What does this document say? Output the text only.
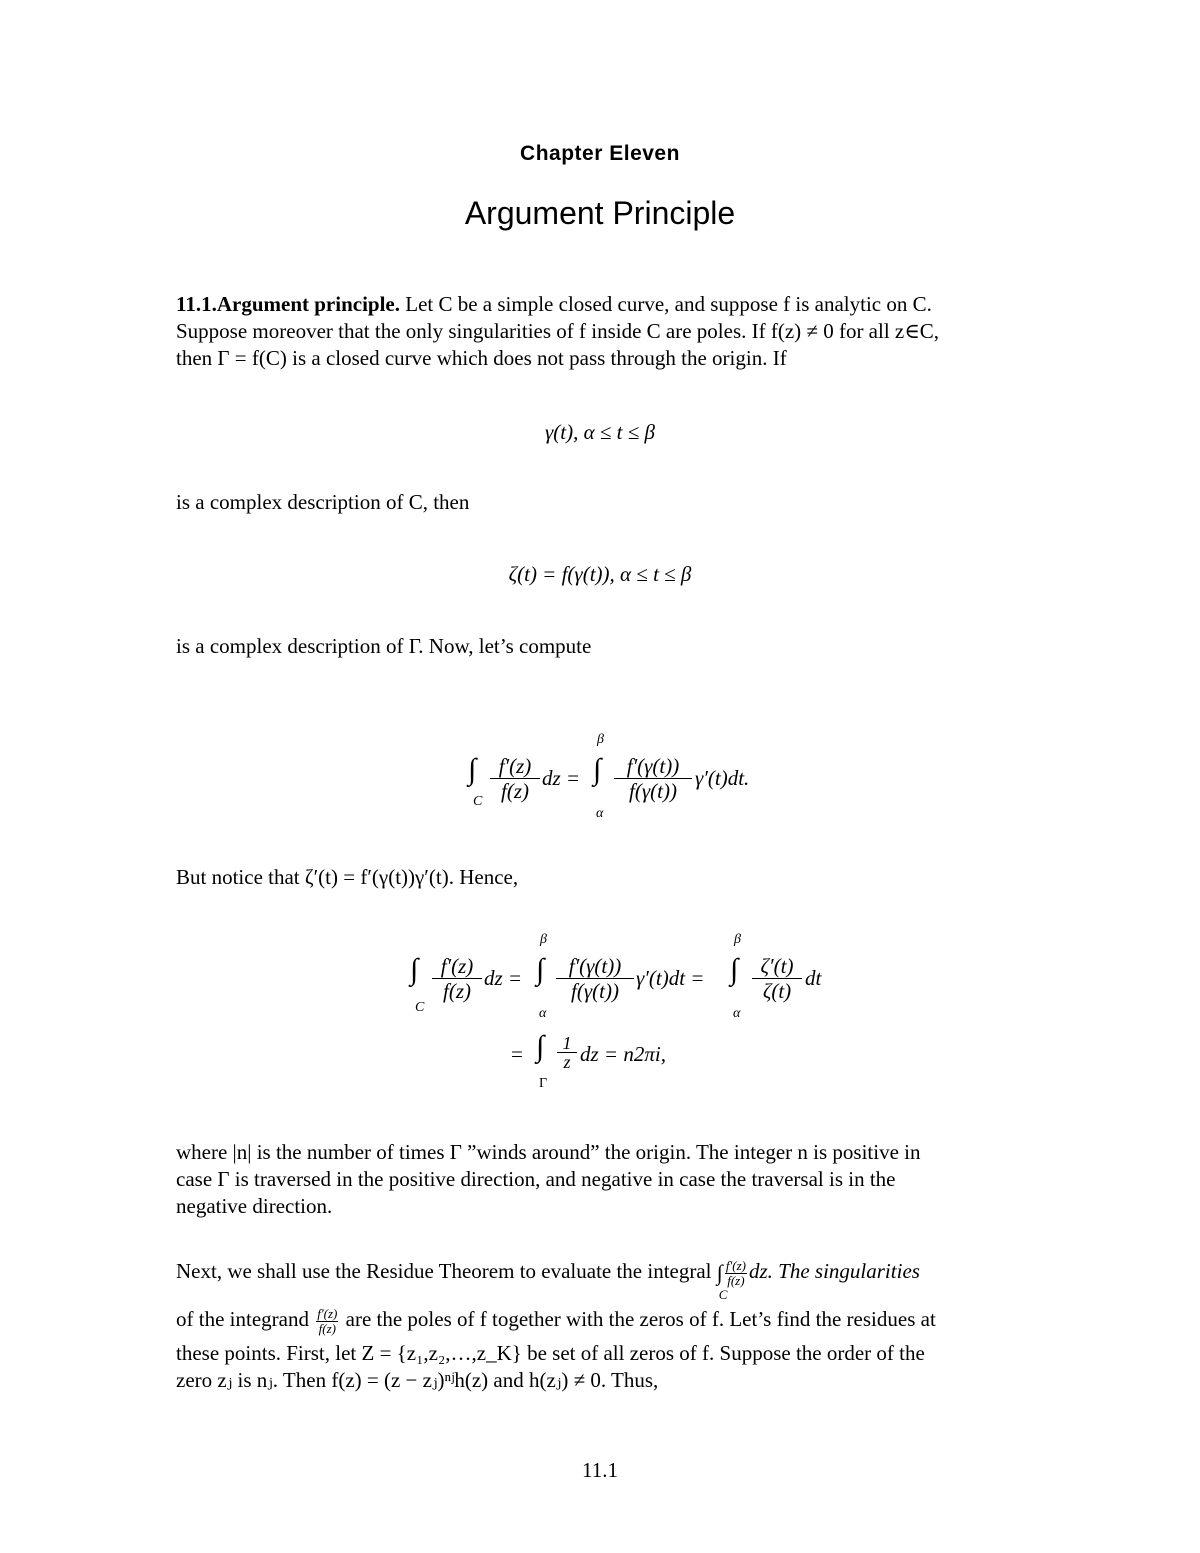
Chapter Eleven
Argument Principle
11.1.Argument principle. Let C be a simple closed curve, and suppose f is analytic on C.
Suppose moreover that the only singularities of f inside C are poles. If f(z) ≠ 0 for all z∈C,
then Γ = f(C) is a closed curve which does not pass through the origin. If
γ(t), α ≤ t ≤ β
is a complex description of C, then
ζ(t) = f(γ(t)), α ≤ t ≤ β
is a complex description of Γ. Now, let’s compute
∫
C $\frac{f'(z)}{f(z)}$ dz =
β
∫
α
$\frac{f'(\gamma(t))}{f(\gamma(t))} \gamma'(t)dt$.
But notice that ζ′(t) = f′(γ(t))γ′(t). Hence,
∫
C
$\frac{f'(z)}{f(z)}$ dz =
β
∫
α
$\frac{f'(\gamma(t))}{f(\gamma(t))} \gamma'(t)dt$ =
β
∫
α
$\frac{\zeta'(t)}{\zeta(t)}$ dt
= ∫
Γ
$\frac{1}{z}$ dz = n2πi,
where |n| is the number of times Γ ”winds around” the origin. The integer n is positive in
case Γ is traversed in the positive direction, and negative in case the traversal is in the
negative direction.
Next, we shall use the Residue Theorem to evaluate the integral ∫
C
$\frac{f'(z)}{f(z)}$ dz. The singularities
of the integrand $\frac{f'(z)}{f(z)}$ are the poles of f together with the zeros of f. Let’s find the residues at
these points. First, let Z = {z₁,z₂,…,z_K} be set of all zeros of f. Suppose the order of the
zero zⱼ is nⱼ. Then f(z) = (z − zⱼ)ⁿʲh(z) and h(zⱼ) ≠ 0. Thus,
11.1
